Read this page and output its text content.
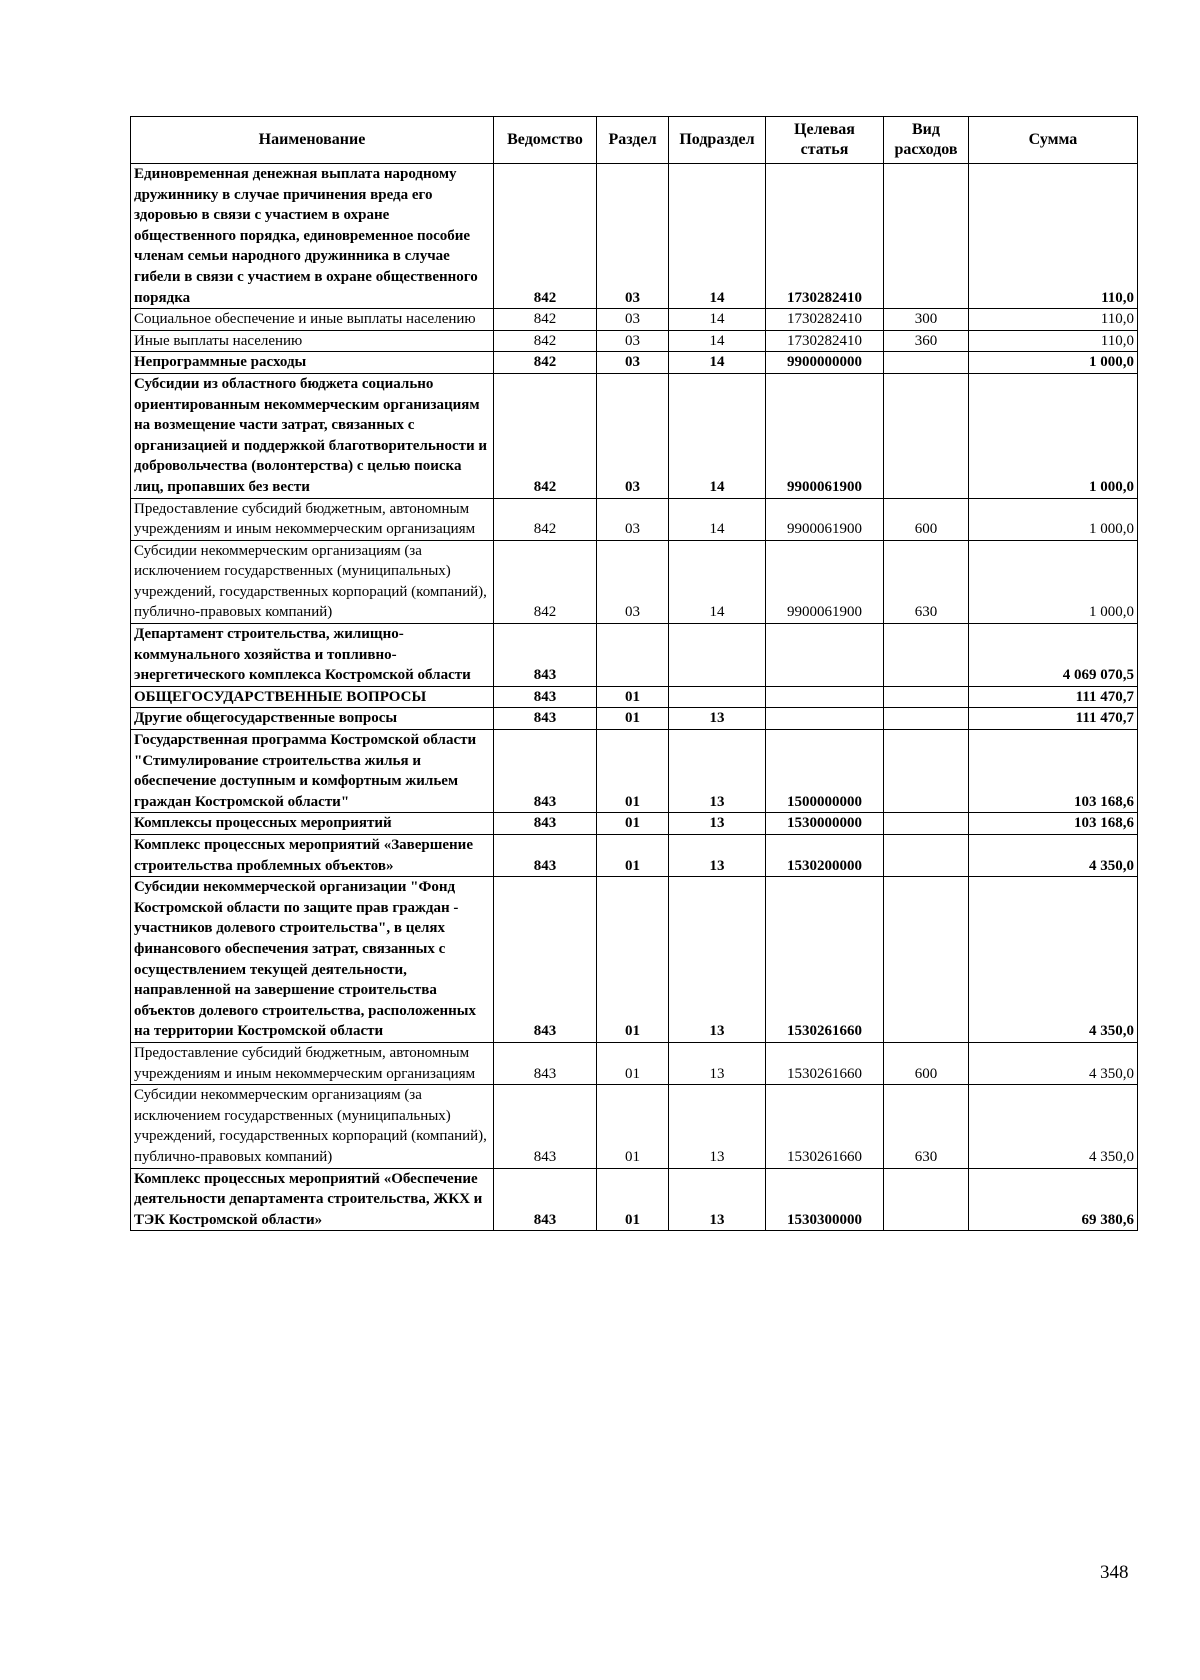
Наименование	Ведомство	Раздел	Подраздел	Целевая статья	Вид расходов	Сумма
Единовременная денежная выплата народному дружиннику в случае причинения вреда его здоровью в связи с участием в охране общественного порядка, единовременное пособие членам семьи народного дружинника в случае гибели в связи с участием в охране общественного порядка	842	03	14	1730282410		110,0
Социальное обеспечение и иные выплаты населению	842	03	14	1730282410	300	110,0
Иные выплаты населению	842	03	14	1730282410	360	110,0
Непрограммные расходы	842	03	14	9900000000		1 000,0
Субсидии из областного бюджета социально ориентированным некоммерческим организациям на возмещение части затрат, связанных с организацией и поддержкой благотворительности и добровольчества (волонтерства) с целью поиска лиц, пропавших без вести	842	03	14	9900061900		1 000,0
Предоставление субсидий бюджетным, автономным учреждениям и иным некоммерческим организациям	842	03	14	9900061900	600	1 000,0
Субсидии некоммерческим организациям (за исключением государственных (муниципальных) учреждений, государственных корпораций (компаний), публично-правовых компаний)	842	03	14	9900061900	630	1 000,0
Департамент строительства, жилищно-коммунального хозяйства и топливно-энергетического комплекса Костромской области	843					4 069 070,5
ОБЩЕГОСУДАРСТВЕННЫЕ ВОПРОСЫ	843	01				111 470,7
Другие общегосударственные вопросы	843	01	13			111 470,7
Государственная программа Костромской области "Стимулирование строительства жилья и обеспечение доступным и комфортным жильем граждан Костромской области"	843	01	13	1500000000		103 168,6
Комплексы процессных мероприятий	843	01	13	1530000000		103 168,6
Комплекс процессных мероприятий «Завершение строительства проблемных объектов»	843	01	13	1530200000		4 350,0
Субсидии некоммерческой организации "Фонд Костромской области по защите прав граждан - участников долевого строительства", в целях финансового обеспечения затрат, связанных с осуществлением текущей деятельности, направленной на завершение строительства объектов долевого строительства, расположенных на территории Костромской области	843	01	13	1530261660		4 350,0
Предоставление субсидий бюджетным, автономным учреждениям и иным некоммерческим организациям	843	01	13	1530261660	600	4 350,0
Субсидии некоммерческим организациям (за исключением государственных (муниципальных) учреждений, государственных корпораций (компаний), публично-правовых компаний)	843	01	13	1530261660	630	4 350,0
Комплекс процессных мероприятий «Обеспечение деятельности департамента строительства, ЖКХ и ТЭК Костромской области»	843	01	13	1530300000		69 380,6
348
